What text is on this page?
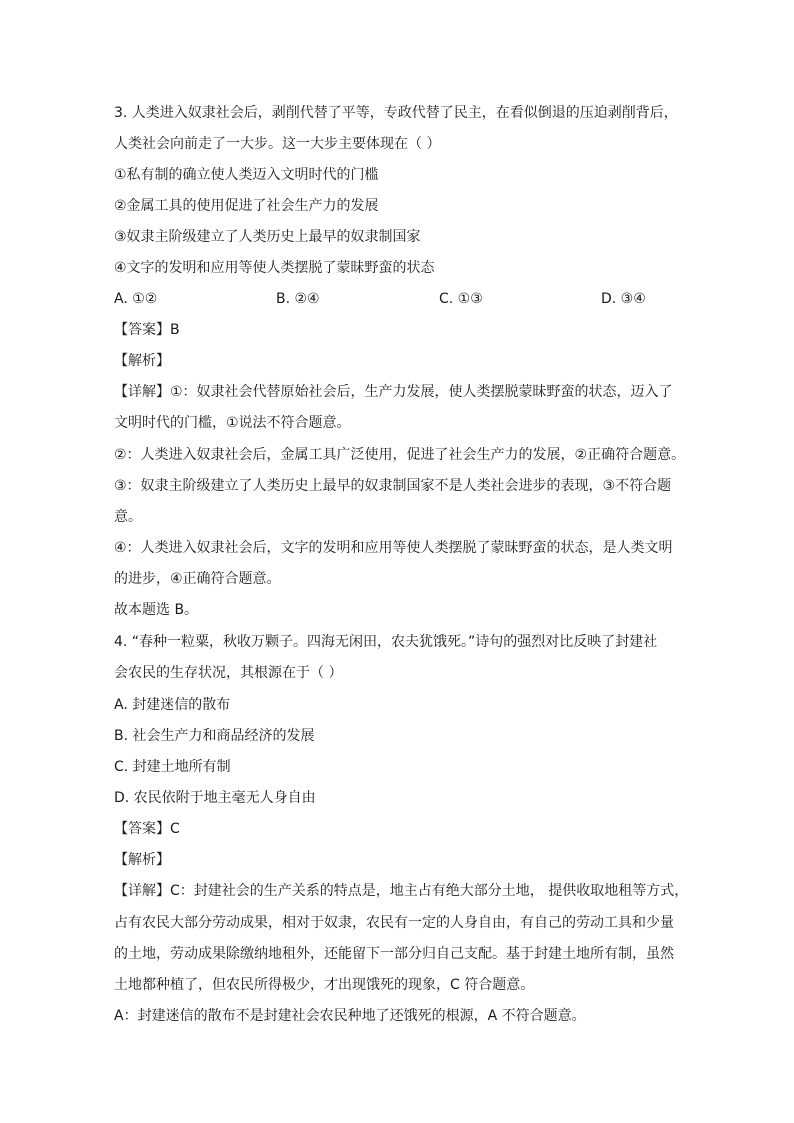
3. 人类进入奴隶社会后，剥削代替了平等，专政代替了民主，在看似倒退的压迫剥削背后，
人类社会向前走了一大步。这一大步主要体现在（ ）
①私有制的确立使人类迈入文明时代的门槛
②金属工具的使用促进了社会生产力的发展
③奴隶主阶级建立了人类历史上最早的奴隶制国家
④文字的发明和应用等使人类摆脱了蒙昧野蛮的状态
A. ①②	B. ②④	C. ①③	D. ③④
【答案】B
【解析】
【详解】①：奴隶社会代替原始社会后，生产力发展，使人类摆脱蒙昧野蛮的状态，迈入了
文明时代的门槛，①说法不符合题意。
②：人类进入奴隶社会后，金属工具广泛使用，促进了社会生产力的发展，②正确符合题意。
③：奴隶主阶级建立了人类历史上最早的奴隶制国家不是人类社会进步的表现，③不符合题
意。
④：人类进入奴隶社会后，文字的发明和应用等使人类摆脱了蒙昧野蛮的状态，是人类文明
的进步，④正确符合题意。
故本题选 B。
4. “春种一粒粟，秋收万颗子。四海无闲田，农夫犹饿死。”诗句的强烈对比反映了封建社
会农民的生存状况，其根源在于（ ）
A. 封建迷信的散布
B. 社会生产力和商品经济的发展
C. 封建土地所有制
D. 农民依附于地主毫无人身自由
【答案】C
【解析】
【详解】C：封建社会的生产关系的特点是，地主占有绝大部分土地， 提供收取地租等方式，
占有农民大部分劳动成果，相对于奴隶，农民有一定的人身自由，有自己的劳动工具和少量
的土地，劳动成果除缴纳地租外，还能留下一部分归自己支配。基于封建土地所有制，虽然
土地都种植了，但农民所得极少，才出现饿死的现象，C 符合题意。
A：封建迷信的散布不是封建社会农民种地了还饿死的根源，A 不符合题意。
